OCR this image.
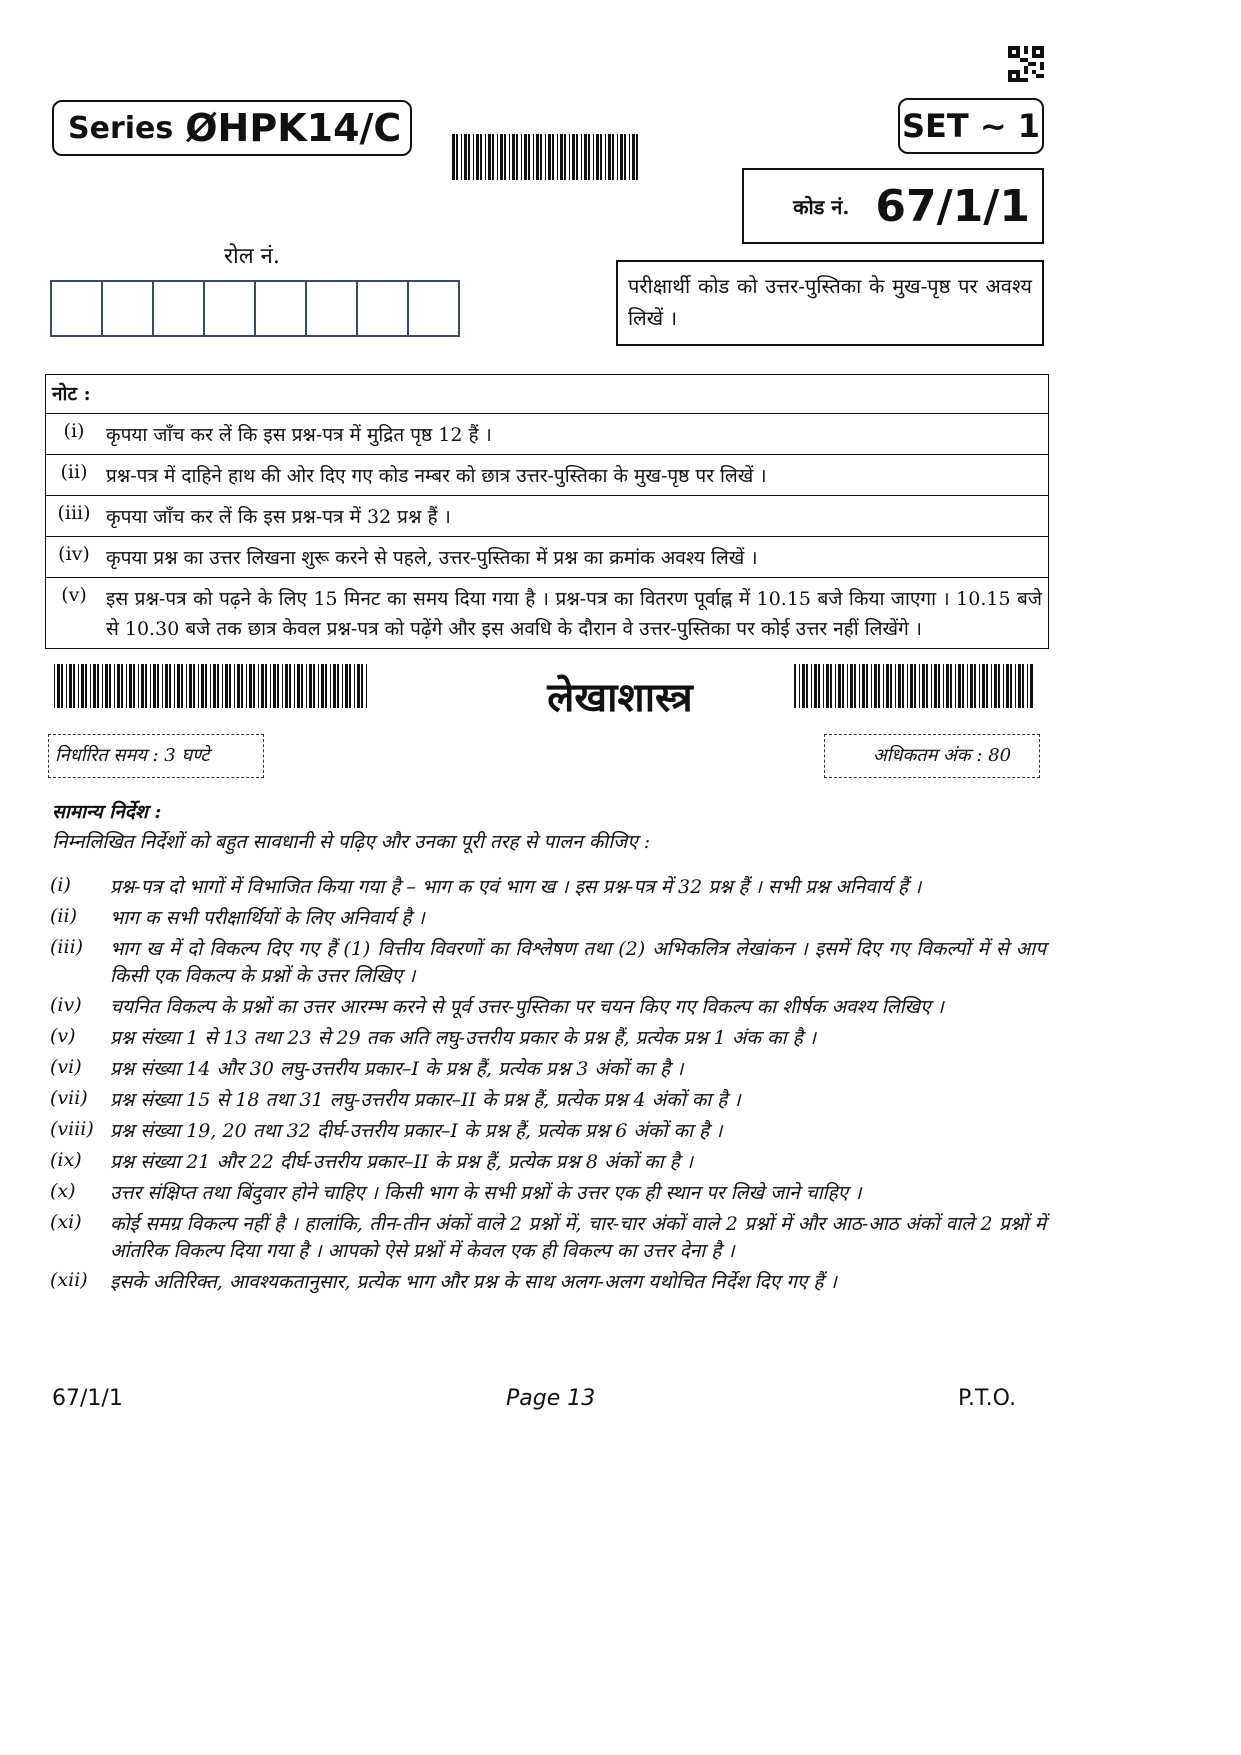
Series ØHPK14/C	SET ~ 1
कोड नं. 67/1/1
रोल नं.
परीक्षार्थी कोड को उत्तर-पुस्तिका के मुख-पृष्ठ पर अवश्य लिखें ।
नोट :
(i)	कृपया जाँच कर लें कि इस प्रश्न-पत्र में मुद्रित पृष्ठ 12 हैं ।
(ii) प्रश्न-पत्र में दाहिने हाथ की ओर दिए गए कोड नम्बर को छात्र उत्तर-पुस्तिका के मुख-पृष्ठ पर लिखें ।
(iii) कृपया जाँच कर लें कि इस प्रश्न-पत्र में 32 प्रश्न हैं ।
(iv) कृपया प्रश्न का उत्तर लिखना शुरू करने से पहले, उत्तर-पुस्तिका में प्रश्न का क्रमांक अवश्य लिखें ।
(v)	इस प्रश्न-पत्र को पढ़ने के लिए 15 मिनट का समय दिया गया है । प्रश्न-पत्र का वितरण पूर्वाह्न में 10.15 बजे किया जाएगा । 10.15 बजे से 10.30 बजे तक छात्र केवल प्रश्न-पत्र को पढ़ेंगे और इस अवधि के दौरान वे उत्तर-पुस्तिका पर कोई उत्तर नहीं लिखेंगे ।
लेखाशास्त्र
निर्धारित समय : 3 घण्टे	अधिकतम अंक : 80
सामान्य निर्देश :
निम्नलिखित निर्देशों को बहुत सावधानी से पढ़िए और उनका पूरी तरह से पालन कीजिए :
(i)	प्रश्न-पत्र दो भागों में विभाजित किया गया है – भाग क एवं भाग ख । इस प्रश्न-पत्र में 32 प्रश्न हैं । सभी प्रश्न अनिवार्य हैं ।
(ii)	भाग क सभी परीक्षार्थियों के लिए अनिवार्य है ।
(iii)	भाग ख में दो विकल्प दिए गए हैं (1) वित्तीय विवरणों का विश्लेषण तथा (2) अभिकलित्र लेखांकन । इसमें दिए गए विकल्पों में से आप किसी एक विकल्प के प्रश्नों के उत्तर लिखिए ।
(iv)	चयनित विकल्प के प्रश्नों का उत्तर आरम्भ करने से पूर्व उत्तर-पुस्तिका पर चयन किए गए विकल्प का शीर्षक अवश्य लिखिए ।
(v)	प्रश्न संख्या 1 से 13 तथा 23 से 29 तक अति लघु-उत्तरीय प्रकार के प्रश्न हैं, प्रत्येक प्रश्न 1 अंक का है ।
(vi)	प्रश्न संख्या 14 और 30 लघु-उत्तरीय प्रकार–I के प्रश्न हैं, प्रत्येक प्रश्न 3 अंकों का है ।
(vii)	प्रश्न संख्या 15 से 18 तथा 31 लघु-उत्तरीय प्रकार–II के प्रश्न हैं, प्रत्येक प्रश्न 4 अंकों का है ।
(viii) प्रश्न संख्या 19, 20 तथा 32 दीर्घ-उत्तरीय प्रकार–I के प्रश्न हैं, प्रत्येक प्रश्न 6 अंकों का है ।
(ix)	प्रश्न संख्या 21 और 22 दीर्घ-उत्तरीय प्रकार–II के प्रश्न हैं, प्रत्येक प्रश्न 8 अंकों का है ।
(x)	उत्तर संक्षिप्त तथा बिंदुवार होने चाहिए । किसी भाग के सभी प्रश्नों के उत्तर एक ही स्थान पर लिखे जाने चाहिए ।
(xi)	कोई समग्र विकल्प नहीं है । हालांकि, तीन-तीन अंकों वाले 2 प्रश्नों में, चार-चार अंकों वाले 2 प्रश्नों में और आठ-आठ अंकों वाले 2 प्रश्नों में आंतरिक विकल्प दिया गया है । आपको ऐसे प्रश्नों में केवल एक ही विकल्प का उत्तर देना है ।
(xii)	इसके अतिरिक्त, आवश्यकतानुसार, प्रत्येक भाग और प्रश्न के साथ अलग-अलग यथोचित निर्देश दिए गए हैं ।
67/1/1	Page 13	P.T.O.
